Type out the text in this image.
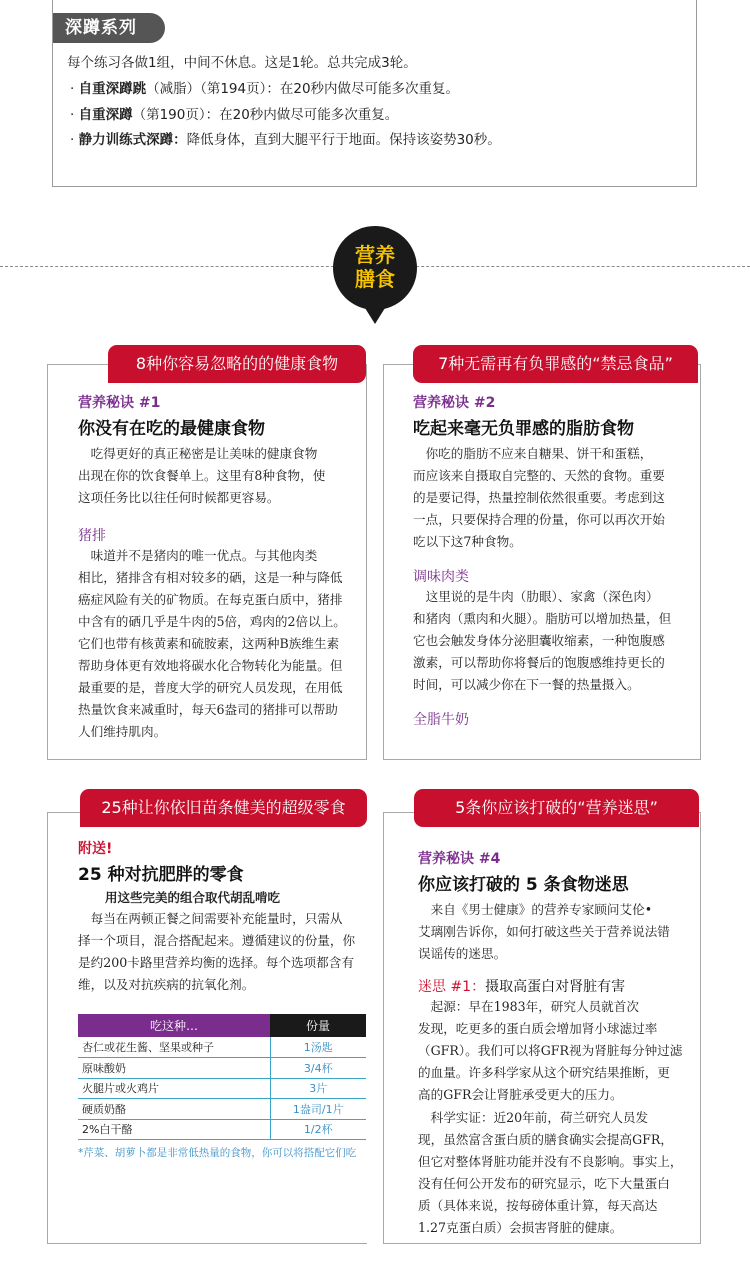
深蹲系列
每个练习各做1组，中间不休息。这是1轮。总共完成3轮。
· 自重深蹲跳（减脂）（第194页）：在20秒内做尽可能多次重复。
· 自重深蹲（第190页）：在20秒内做尽可能多次重复。
· 静力训练式深蹲：降低身体，直到大腿平行于地面。保持该姿势30秒。
营养
膳食
8种你容易忽略的的健康食物
营养秘诀 #1
你没有在吃的最健康食物

　吃得更好的真正秘密是让美味的健康食物

出现在你的饮食餐单上。这里有8种食物，使

这项任务比以往任何时候都更容易。

猪排

　味道并不是猪肉的唯一优点。与其他肉类

相比，猪排含有相对较多的硒，这是一种与降低

癌症风险有关的矿物质。在每克蛋白质中，猪排

中含有的硒几乎是牛肉的5倍，鸡肉的2倍以上。

它们也带有核黄素和硫胺素，这两种B族维生素

帮助身体更有效地将碳水化合物转化为能量。但

最重要的是，普度大学的研究人员发现，在用低

热量饮食来减重时，每天6盎司的猪排可以帮助

人们维持肌肉。

7种无需再有负罪感的“禁忌食品”
营养秘诀 #2
吃起来毫无负罪感的脂肪食物

　你吃的脂肪不应来自糖果、饼干和蛋糕，

而应该来自摄取自完整的、天然的食物。重要

的是要记得，热量控制依然很重要。考虑到这

一点，只要保持合理的份量，你可以再次开始

吃以下这7种食物。

调味肉类

　这里说的是牛肉（肋眼）、家禽（深色肉）

和猪肉（熏肉和火腿）。脂肪可以增加热量，但

它也会触发身体分泌胆囊收缩素，一种饱腹感

激素，可以帮助你将餐后的饱腹感维持更长的

时间，可以减少你在下一餐的热量摄入。

全脂牛奶
25种让你依旧苗条健美的超级零食
附送!
25 种对抗肥胖的零食
用这些完美的组合取代胡乱啃吃

　每当在两顿正餐之间需要补充能量时，只需从

择一个项目，混合搭配起来。遵循建议的份量，你

是约200卡路里营养均衡的选择。每个选项都含有

维，以及对抗疾病的抗氧化剂。

吃这种…	份量
杏仁或花生酱、坚果或种子	1汤匙
原味酸奶	3/4杯
火腿片或火鸡片	3片
硬质奶酪	1盎司/1片
2%白干酪	1/2杯
*芹菜、胡萝卜都是非常低热量的食物，你可以将搭配它们吃
5条你应该打破的“营养迷思”
营养秘诀 #4
你应该打破的 5 条食物迷思

　来自《男士健康》的营养专家顾问艾伦•

艾璃刚告诉你，如何打破这些关于营养说法错

误谣传的迷思。

迷思 #1：摄取高蛋白对肾脏有害

　起源：早在1983年，研究人员就首次

发现，吃更多的蛋白质会增加肾小球滤过率

（GFR）。我们可以将GFR视为肾脏每分钟过滤

的血量。许多科学家从这个研究结果推断，更

高的GFR会让肾脏承受更大的压力。

　科学实证：近20年前，荷兰研究人员发

现，虽然富含蛋白质的膳食确实会提高GFR，

但它对整体肾脏功能并没有不良影响。事实上，

没有任何公开发布的研究显示，吃下大量蛋白

质（具体来说，按每磅体重计算，每天高达

1.27克蛋白质）会损害肾脏的健康。
